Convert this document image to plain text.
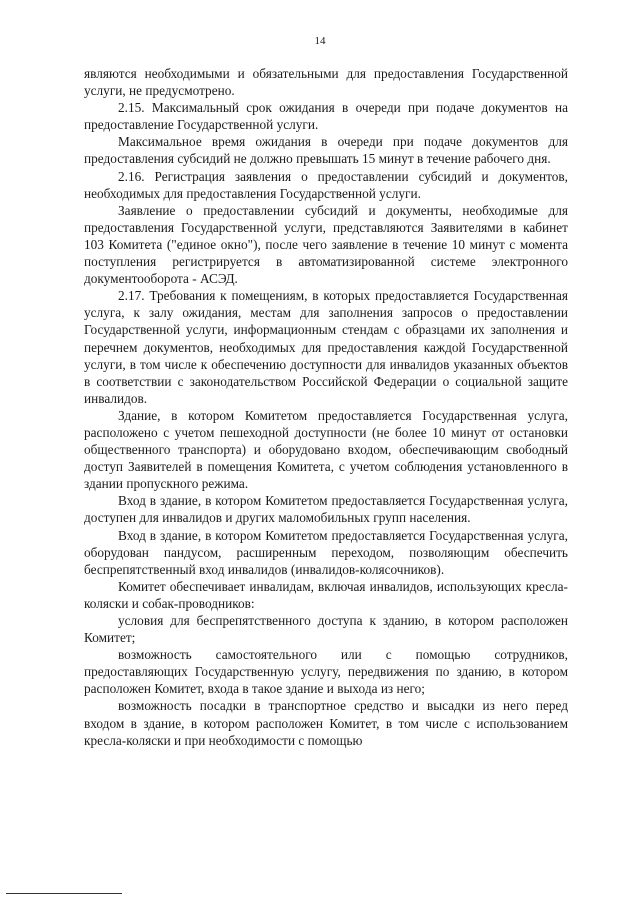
14

являются необходимыми и обязательными для предоставления Государственной услуги, не предусмотрено.

2.15. Максимальный срок ожидания в очереди при подаче документов на предоставление Государственной услуги.

Максимальное время ожидания в очереди при подаче документов для предоставления субсидий не должно превышать 15 минут в течение рабочего дня.

2.16. Регистрация заявления о предоставлении субсидий и документов, необходимых для предоставления Государственной услуги.

Заявление о предоставлении субсидий и документы, необходимые для предоставления Государственной услуги, представляются Заявителями в кабинет 103 Комитета ("единое окно"), после чего заявление в течение 10 минут с момента поступления регистрируется в автоматизированной системе электронного документооборота - АСЭД.

2.17. Требования к помещениям, в которых предоставляется Государственная услуга, к залу ожидания, местам для заполнения запросов о предоставлении Государственной услуги, информационным стендам с образцами их заполнения и перечнем документов, необходимых для предоставления каждой Государственной услуги, в том числе к обеспечению доступности для инвалидов указанных объектов в соответствии с законодательством Российской Федерации о социальной защите инвалидов.

Здание, в котором Комитетом предоставляется Государственная услуга, расположено с учетом пешеходной доступности (не более 10 минут от остановки общественного транспорта) и оборудовано входом, обеспечивающим свободный доступ Заявителей в помещения Комитета, с учетом соблюдения установленного в здании пропускного режима.

Вход в здание, в котором Комитетом предоставляется Государственная услуга, доступен для инвалидов и других маломобильных групп населения.

Вход в здание, в котором Комитетом предоставляется Государственная услуга, оборудован пандусом, расширенным переходом, позволяющим обеспечить беспрепятственный вход инвалидов (инвалидов-колясочников).

Комитет обеспечивает инвалидам, включая инвалидов, использующих кресла-коляски и собак-проводников:

условия для беспрепятственного доступа к зданию, в котором расположен Комитет;

возможность самостоятельного или с помощью сотрудников, предоставляющих Государственную услугу, передвижения по зданию, в котором расположен Комитет, входа в такое здание и выхода из него;

возможность посадки в транспортное средство и высадки из него перед входом в здание, в котором расположен Комитет, в том числе с использованием кресла-коляски и при необходимости с помощью
